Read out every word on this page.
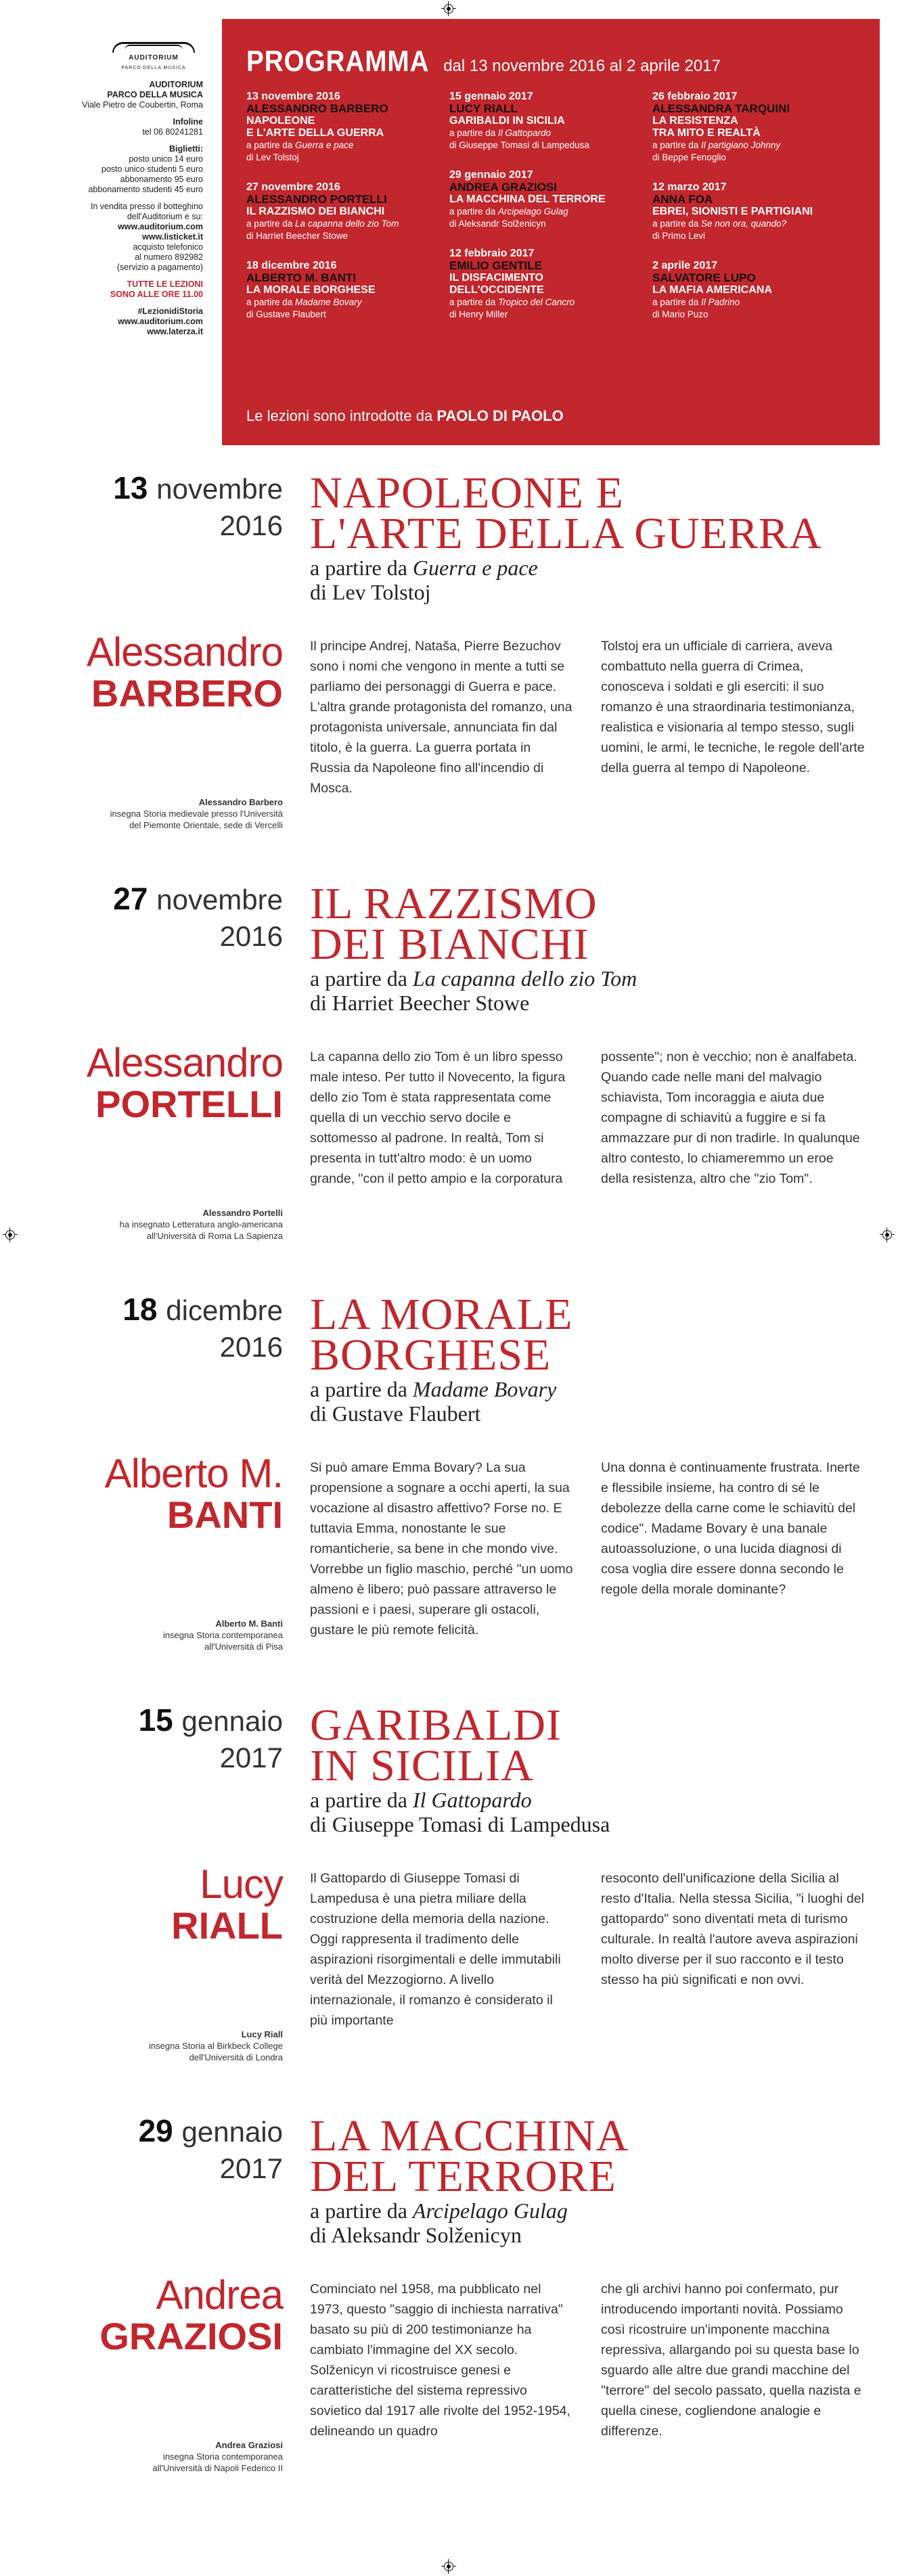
AUDITORIUM
PARCO DELLA MUSICA
AUDITORIUM
PARCO DELLA MUSICA
Viale Pietro de Coubertin, Roma
Infoline
tel 06 80241281
Biglietti:
posto unico 14 euro
posto unico studenti 5 euro
abbonamento 95 euro
abbonamento studenti 45 euro
In vendita presso il botteghino
dell'Auditorium e su:
www.auditorium.com
www.listicket.it
acquisto telefonico
al numero 892982
(servizio a pagamento)
TUTTE LE LEZIONI
SONO ALLE ORE 11.00
#LezionidiStoria
www.auditorium.com
www.laterza.it
PROGRAMMA dal 13 novembre 2016 al 2 aprile 2017
13 novembre 2016
ALESSANDRO BARBERO
NAPOLEONE
E L'ARTE DELLA GUERRA
a partire da Guerra e pace
di Lev Tolstoj
27 novembre 2016
ALESSANDRO PORTELLI
IL RAZZISMO DEI BIANCHI
a partire da La capanna dello zio Tom
di Harriet Beecher Stowe
18 dicembre 2016
ALBERTO M. BANTI
LA MORALE BORGHESE
a partire da Madame Bovary
di Gustave Flaubert
15 gennaio 2017
LUCY RIALL
GARIBALDI IN SICILIA
a partire da Il Gattopardo
di Giuseppe Tomasi di Lampedusa
29 gennaio 2017
ANDREA GRAZIOSI
LA MACCHINA DEL TERRORE
a partire da Arcipelago Gulag
di Aleksandr Solženicyn
12 febbraio 2017
EMILIO GENTILE
IL DISFACIMENTO
DELL'OCCIDENTE
a partire da Tropico del Cancro
di Henry Miller
26 febbraio 2017
ALESSANDRA TARQUINI
LA RESISTENZA
TRA MITO E REALTÀ
a partire da Il partigiano Johnny
di Beppe Fenoglio
12 marzo 2017
ANNA FOA
EBREI, SIONISTI E PARTIGIANI
a partire da Se non ora, quando?
di Primo Levi
2 aprile 2017
SALVATORE LUPO
LA MAFIA AMERICANA
a partire da Il Padrino
di Mario Puzo
Le lezioni sono introdotte da PAOLO DI PAOLO
13 novembre
2016
NAPOLEONE E
L'ARTE DELLA GUERRA
a partire da Guerra e pace
di Lev Tolstoj
Alessandro
BARBERO
Alessandro Barbero
insegna Storia medievale presso l'Università
del Piemonte Orientale, sede di Vercelli

Il principe Andrej, Nataša, Pierre Bezuchov sono i nomi che vengono in mente a tutti se parliamo dei personaggi di Guerra e pace. L'altra grande protagonista del romanzo, una protagonista universale, annunciata fin dal titolo, è la guerra. La guerra portata in Russia da Napoleone fino all'incendio di Mosca.

Tolstoj era un ufficiale di carriera, aveva combattuto nella guerra di Crimea, conosceva i soldati e gli eserciti: il suo romanzo è una straordinaria testimonianza, realistica e visionaria al tempo stesso, sugli uomini, le armi, le tecniche, le regole dell'arte della guerra al tempo di Napoleone.

27 novembre
2016
IL RAZZISMO
DEI BIANCHI
a partire da La capanna dello zio Tom
di Harriet Beecher Stowe
Alessandro
PORTELLI
Alessandro Portelli
ha insegnato Letteratura anglo-americana
all'Università di Roma La Sapienza

La capanna dello zio Tom è un libro spesso male inteso. Per tutto il Novecento, la figura dello zio Tom è stata rappresentata come quella di un vecchio servo docile e sottomesso al padrone. In realtà, Tom si presenta in tutt'altro modo: è un uomo grande, "con il petto ampio e la corporatura

possente"; non è vecchio; non è analfabeta. Quando cade nelle mani del malvagio schiavista, Tom incoraggia e aiuta due compagne di schiavitù a fuggire e si fa ammazzare pur di non tradirle. In qualunque altro contesto, lo chiameremmo un eroe della resistenza, altro che "zio Tom".

18 dicembre
2016
LA MORALE
BORGHESE
a partire da Madame Bovary
di Gustave Flaubert
Alberto M.
BANTI
Alberto M. Banti
insegna Storia contemporanea
all'Università di Pisa

Si può amare Emma Bovary? La sua propensione a sognare a occhi aperti, la sua vocazione al disastro affettivo? Forse no. E tuttavia Emma, nonostante le sue romanticherie, sa bene in che mondo vive. Vorrebbe un figlio maschio, perché "un uomo almeno è libero; può passare attraverso le passioni e i paesi, superare gli ostacoli, gustare le più remote felicità.

Una donna è continuamente frustrata. Inerte e flessibile insieme, ha contro di sé le debolezze della carne come le schiavitù del codice". Madame Bovary è una banale autoassoluzione, o una lucida diagnosi di cosa voglia dire essere donna secondo le regole della morale dominante?

15 gennaio
2017
GARIBALDI
IN SICILIA
a partire da Il Gattopardo
di Giuseppe Tomasi di Lampedusa
Lucy
RIALL
Lucy Riall
insegna Storia al Birkbeck College
dell'Università di Londra

Il Gattopardo di Giuseppe Tomasi di Lampedusa è una pietra miliare della costruzione della memoria della nazione. Oggi rappresenta il tradimento delle aspirazioni risorgimentali e delle immutabili verità del Mezzogiorno. A livello internazionale, il romanzo è considerato il più importante

resoconto dell'unificazione della Sicilia al resto d'Italia. Nella stessa Sicilia, "i luoghi del gattopardo" sono diventati meta di turismo culturale. In realtà l'autore aveva aspirazioni molto diverse per il suo racconto e il testo stesso ha più significati e non ovvi.

29 gennaio
2017
LA MACCHINA
DEL TERRORE
a partire da Arcipelago Gulag
di Aleksandr Solženicyn
Andrea
GRAZIOSI
Andrea Graziosi
insegna Storia contemporanea
all'Università di Napoli Federico II

Cominciato nel 1958, ma pubblicato nel 1973, questo "saggio di inchiesta narrativa" basato su più di 200 testimonianze ha cambiato l'immagine del XX secolo. Solženicyn vi ricostruisce genesi e caratteristiche del sistema repressivo sovietico dal 1917 alle rivolte del 1952-1954, delineando un quadro

che gli archivi hanno poi confermato, pur introducendo importanti novità. Possiamo così ricostruire un'imponente macchina repressiva, allargando poi su questa base lo sguardo alle altre due grandi macchine del "terrore" del secolo passato, quella nazista e quella cinese, cogliendone analogie e differenze.
